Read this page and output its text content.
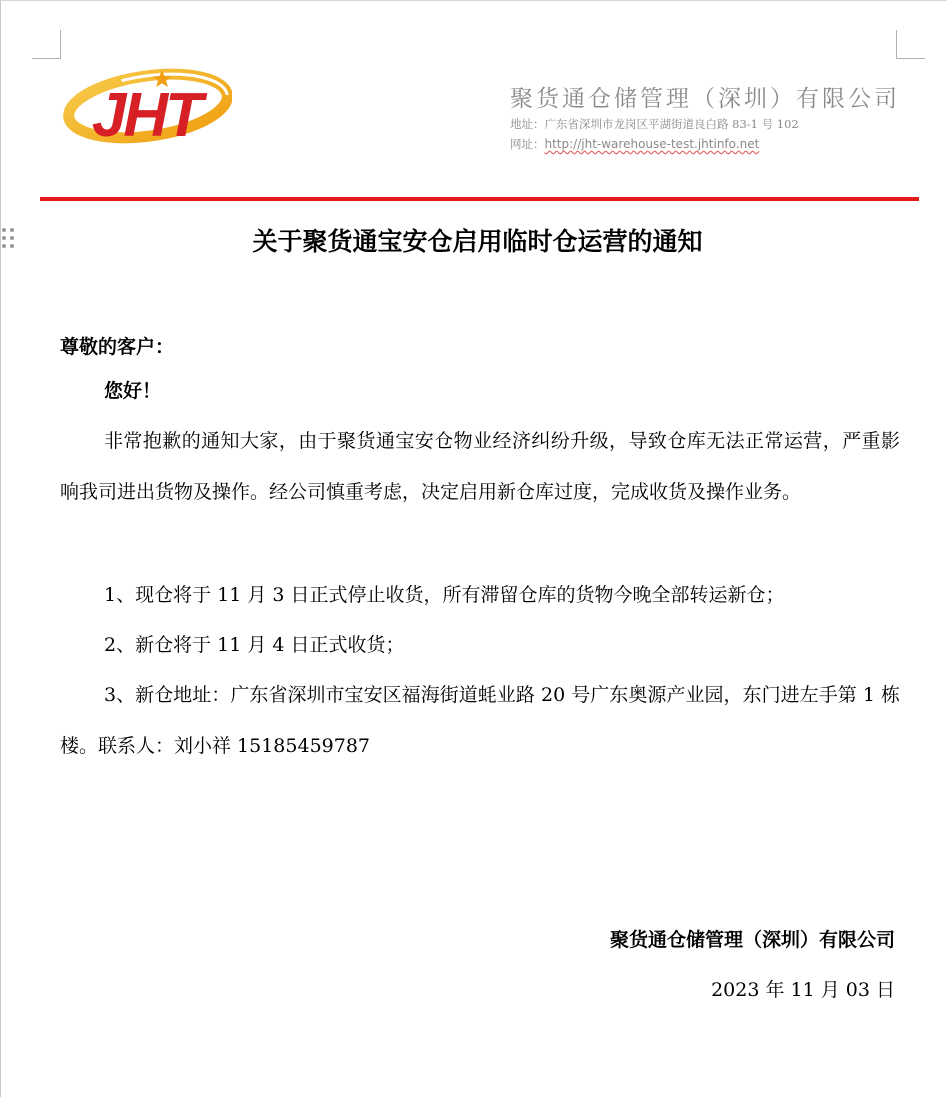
JHT	聚货通仓储管理（深圳）有限公司
地址：广东省深圳市龙岗区平湖街道良白路 83-1 号 102
网址：http://jht-warehouse-test.jhtinfo.net
关于聚货通宝安仓启用临时仓运营的通知
尊敬的客户：
您好！
非常抱歉的通知大家，由于聚货通宝安仓物业经济纠纷升级，导致仓库无法正常运营，严重影响我司进出货物及操作。经公司慎重考虑，决定启用新仓库过度，完成收货及操作业务。
1、现仓将于 11 月 3 日正式停止收货，所有滞留仓库的货物今晚全部转运新仓；
2、新仓将于 11 月 4 日正式收货；
3、新仓地址：广东省深圳市宝安区福海街道蚝业路 20 号广东奥源产业园，东门进左手第 1 栋楼。联系人：刘小祥 15185459787
聚货通仓储管理（深圳）有限公司
2023 年 11 月 03 日
